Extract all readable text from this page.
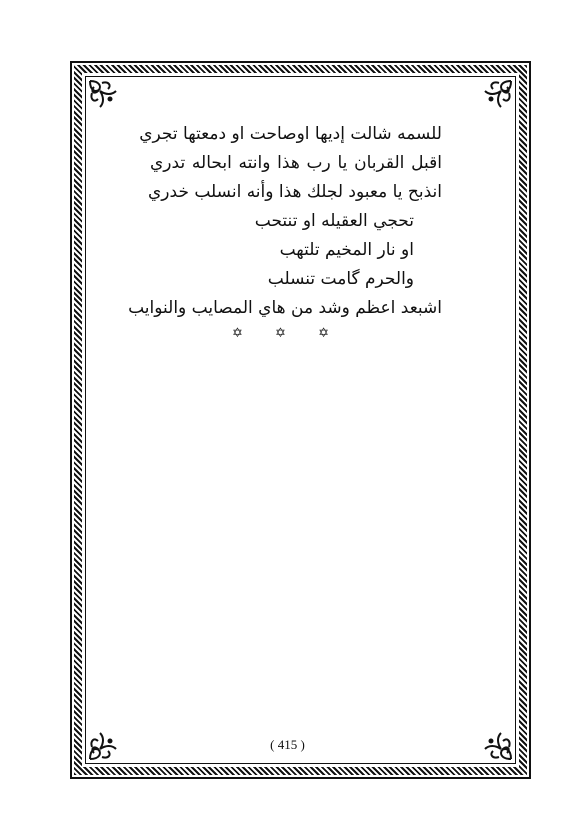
للسمه شالت إديها اوصاحت او دمعتها تجري
اقبل القربان يا رب هذا وانته ابحاله تدري
انذبح يا معبود لجلك هذا وأنه انسلب خدري
تحجي العقيله او تنتحب
او نار المخيم تلتهب
والحرم گامت تنسلب
اشبعد اعظم وشد من هاي المصايب والنوايب
✡ ✡ ✡
( 415 )
